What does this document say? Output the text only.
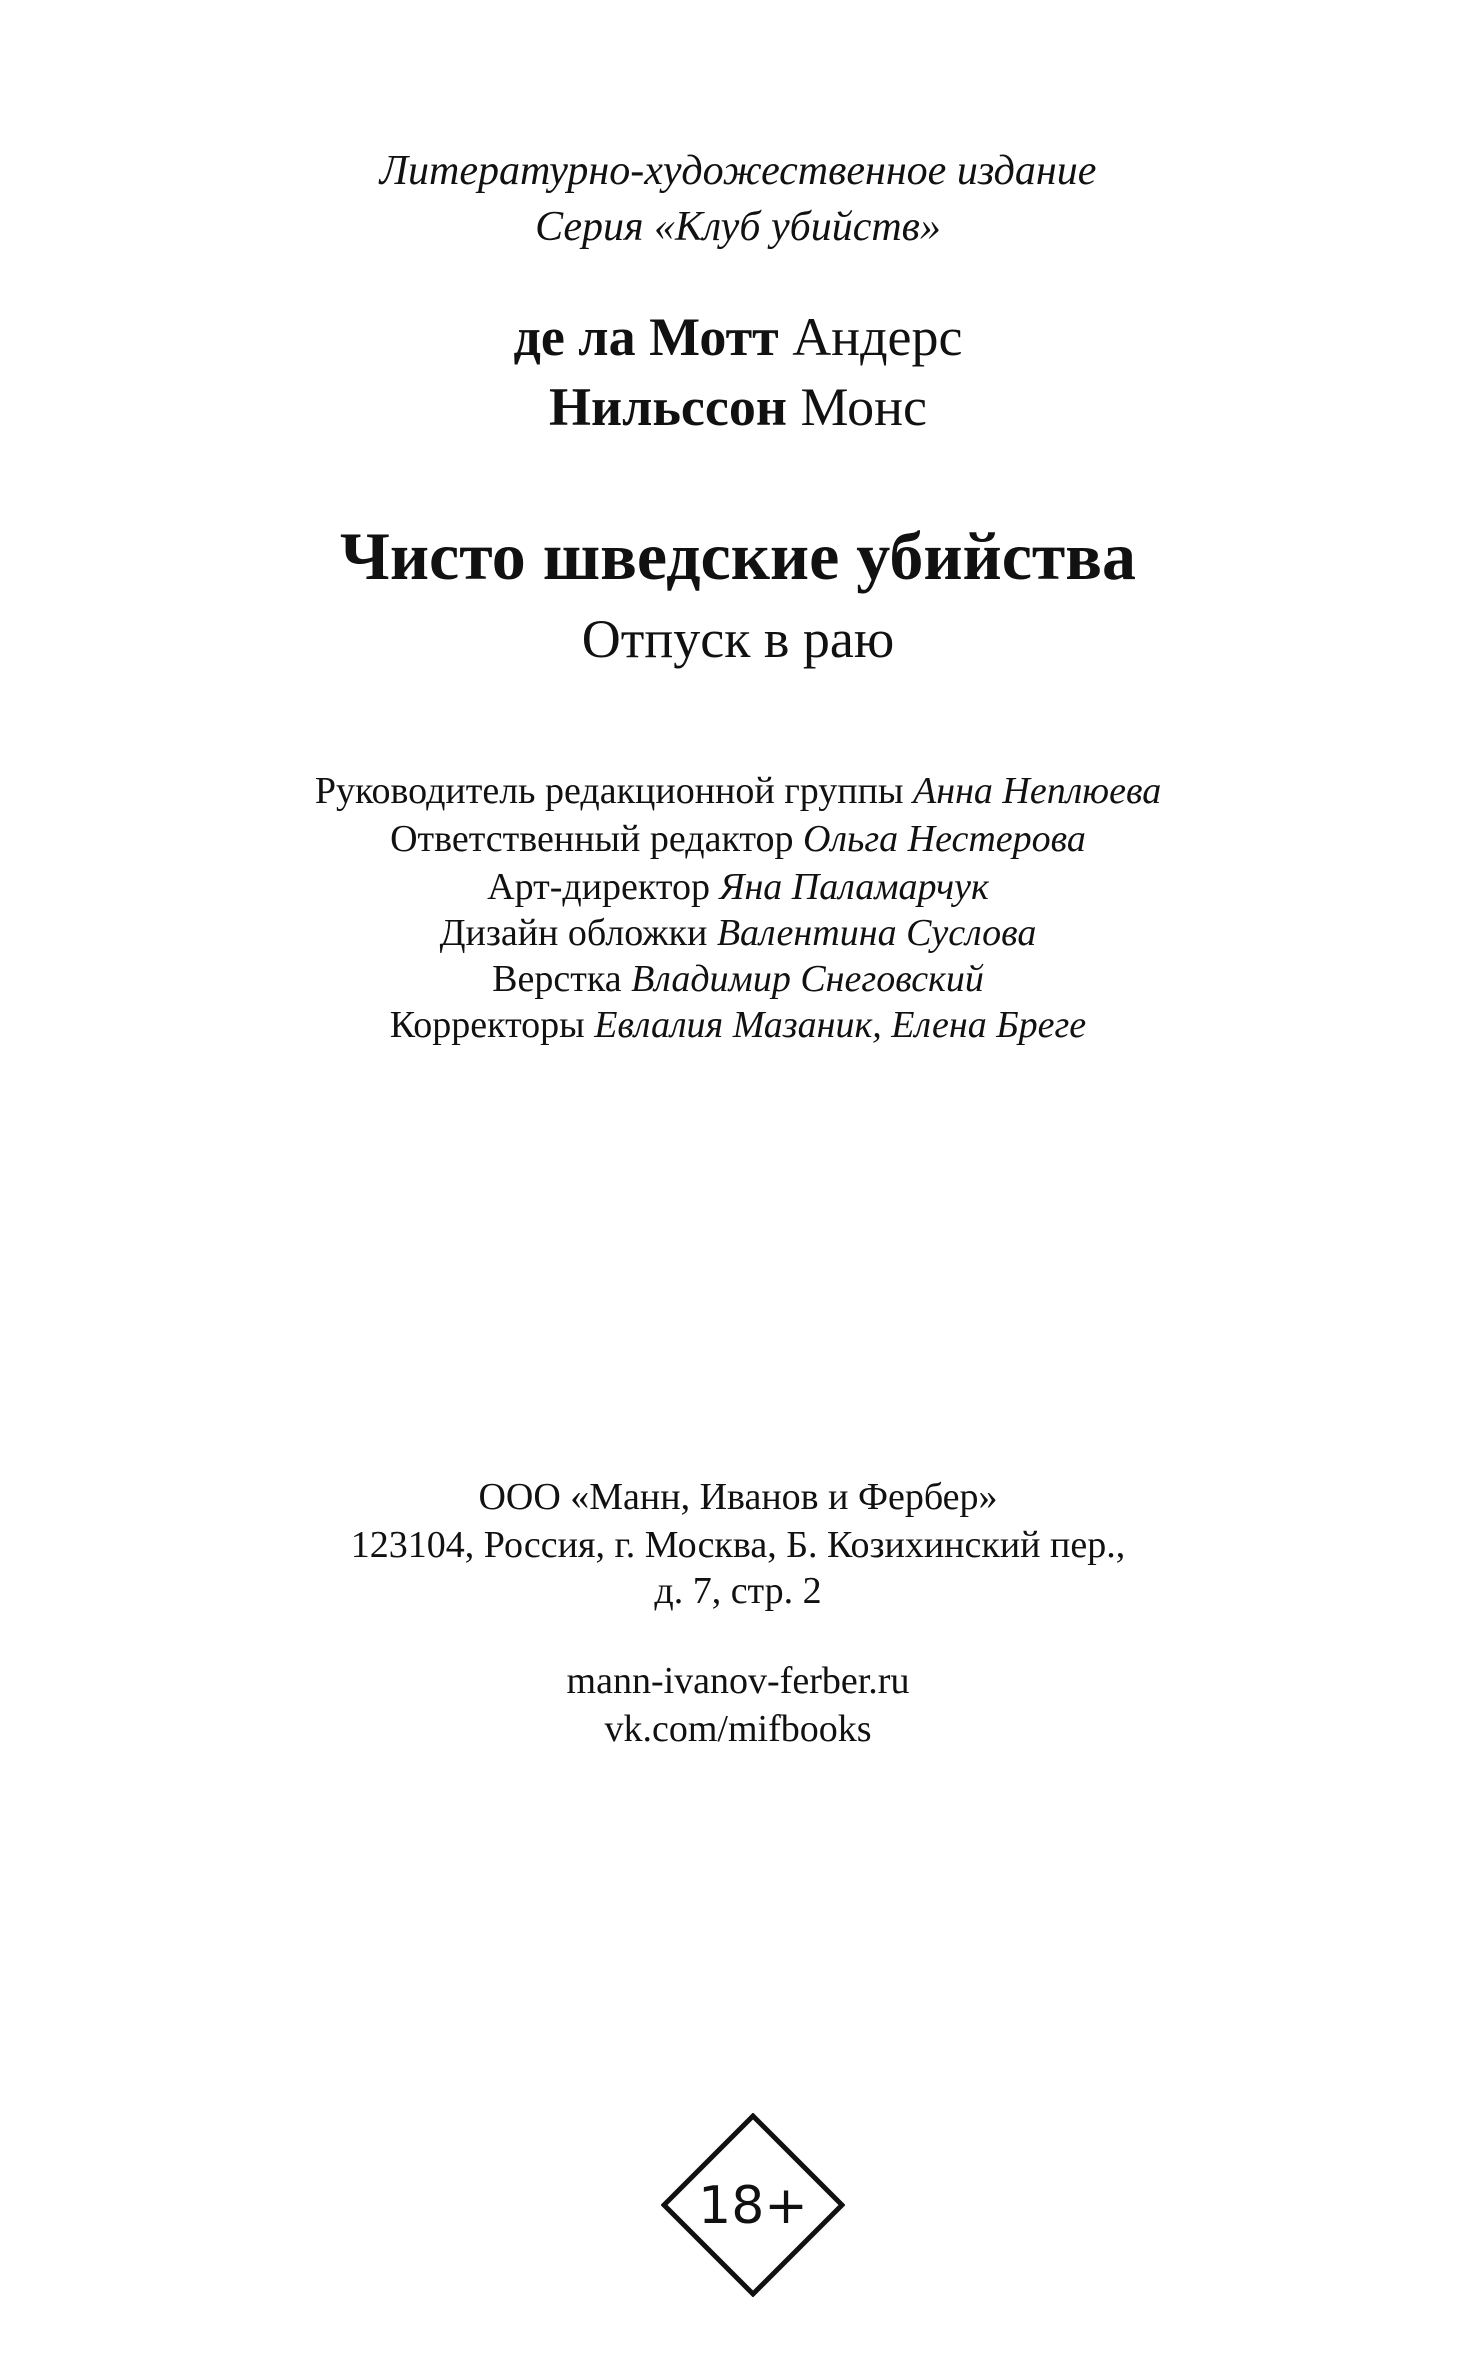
Литературно-художественное издание
Серия «Клуб убийств»
де ла Мотт Андерс
Нильссон Монс
Чисто шведские убийства
Отпуск в раю
Руководитель редакционной группы Анна Неплюева
Ответственный редактор Ольга Нестерова
Арт-директор Яна Паламарчук
Дизайн обложки Валентина Суслова
Верстка Владимир Снеговский
Корректоры Евлалия Мазаник, Елена Бреге
ООО «Манн, Иванов и Фербер»
123104, Россия, г. Москва, Б. Козихинский пер.,
д. 7, стр. 2
mann-ivanov-ferber.ru
vk.com/mifbooks
18+
